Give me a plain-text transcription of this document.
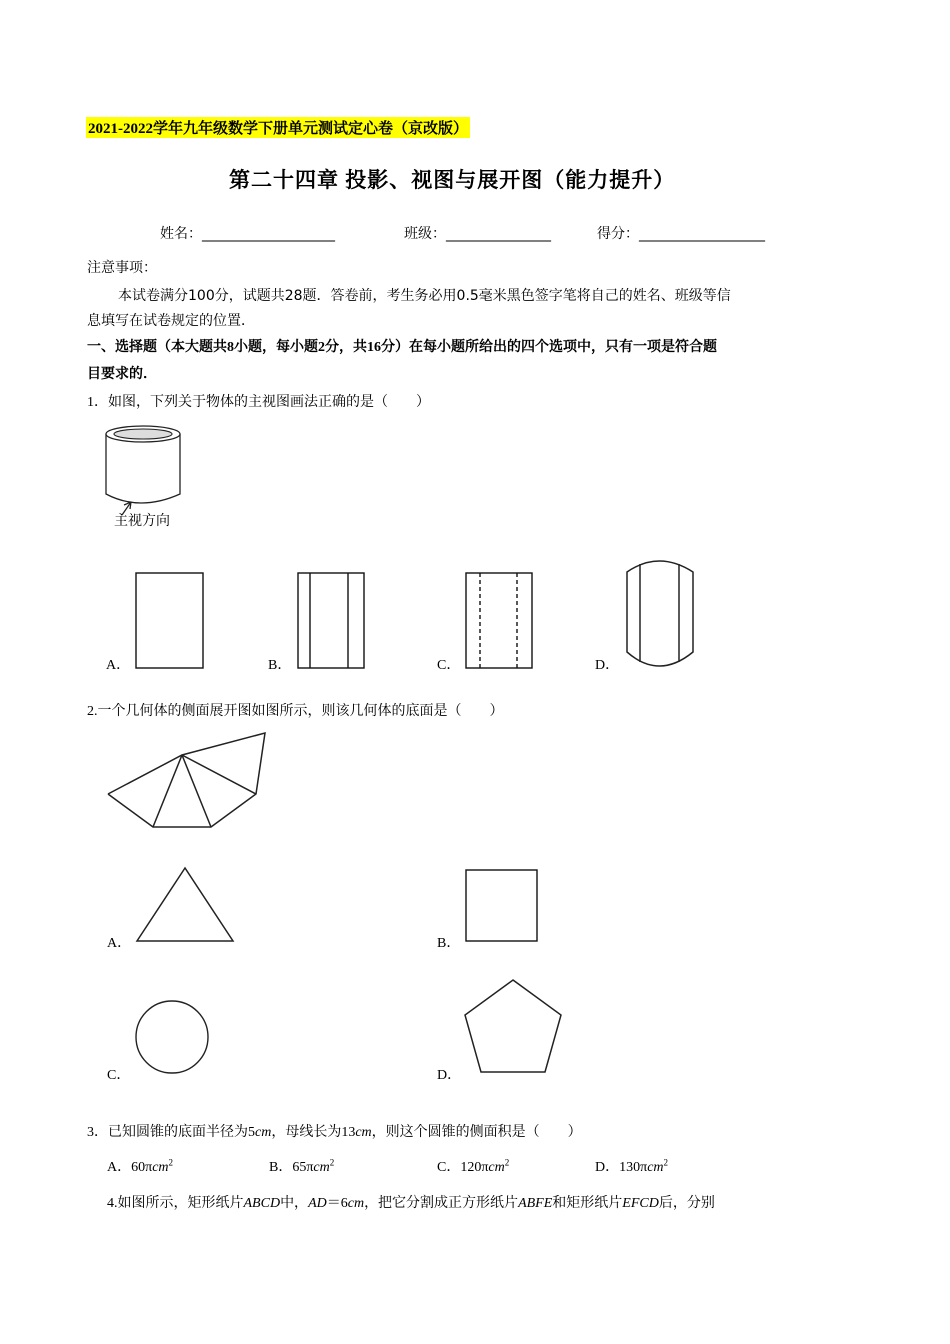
2021-2022学年九年级数学下册单元测试定心卷（京改版）
第二十四章 投影、视图与展开图（能力提升）
姓名：___________________	班级：_______________	得分：__________________
注意事项：
本试卷满分100分，试题共28题．答卷前，考生务必用0.5毫米黑色签字笔将自己的姓名、班级等信
息填写在试卷规定的位置．
一、选择题（本大题共8小题，每小题2分，共16分）在每小题所给出的四个选项中，只有一项是符合题
目要求的．
1．如图，下列关于物体的主视图画法正确的是（　　）
主视方向
A．	B．	C．	D．
2.一个几何体的侧面展开图如图所示，则该几何体的底面是（　　）
A．	B．
C．	D．
3．已知圆锥的底面半径为5cm，母线长为13cm，则这个圆锥的侧面积是（　　）
A．60πcm$^2$	B．65πcm$^2$	C．120πcm$^2$	D．130πcm$^2$
4.如图所示，矩形纸片ABCD中，AD＝6cm，把它分割成正方形纸片ABFE和矩形纸片EFCD后，分别
